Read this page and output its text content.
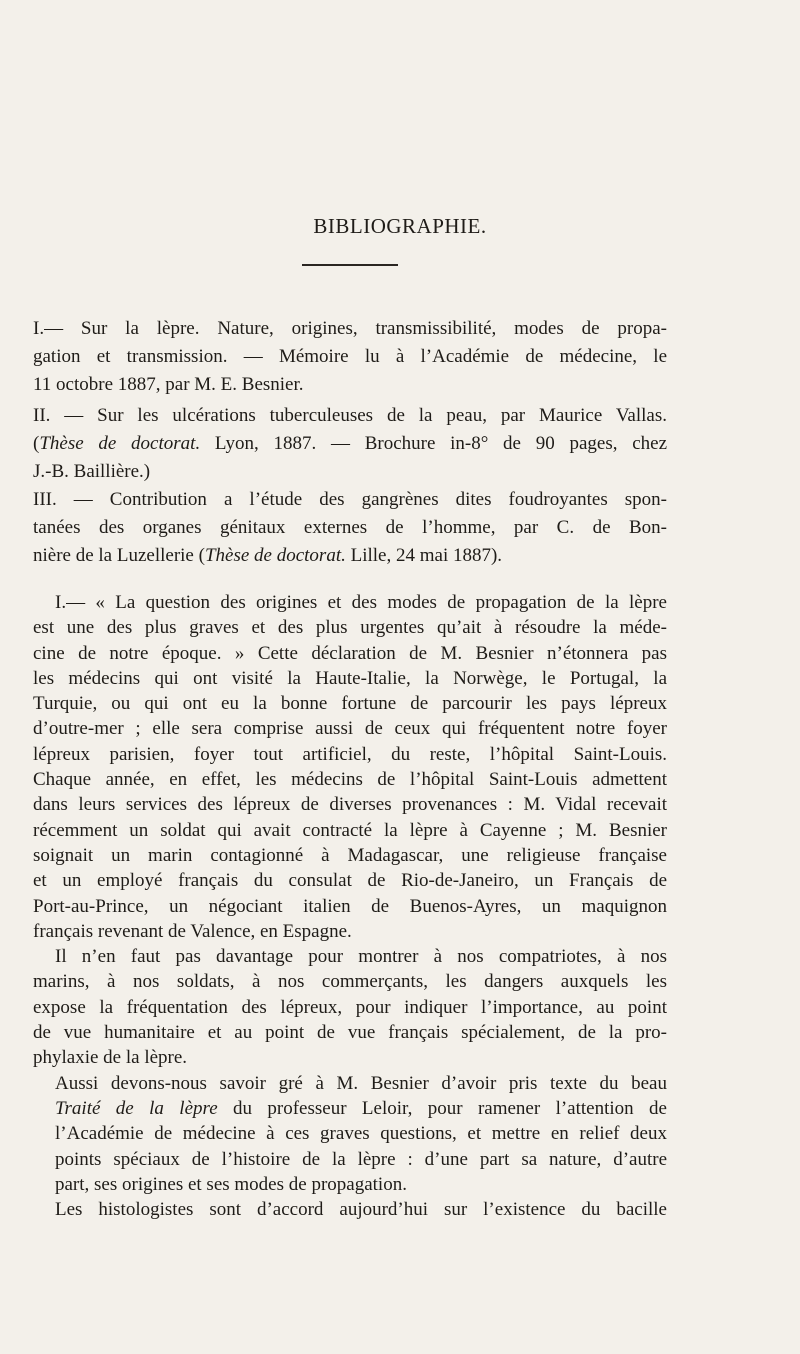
BIBLIOGRAPHIE.
I.— Sur la lèpre. Nature, origines, transmissibilité, modes de propa-
gation et transmission. — Mémoire lu à l’Académie de médecine, le
11 octobre 1887, par M. E. Besnier.
II. — Sur les ulcérations tuberculeuses de la peau, par Maurice Vallas.
(Thèse de doctorat. Lyon, 1887. — Brochure in-8° de 90 pages, chez
J.-B. Baillière.)
III. — Contribution a l’étude des gangrènes dites foudroyantes spon-
tanées des organes génitaux externes de l’homme, par C. de Bon-
nière de la Luzellerie (Thèse de doctorat. Lille, 24 mai 1887).

I.— « La question des origines et des modes de propagation de la lèpre
est une des plus graves et des plus urgentes qu’ait à résoudre la méde-
cine de notre époque. » Cette déclaration de M. Besnier n’étonnera pas
les médecins qui ont visité la Haute-Italie, la Norwège, le Portugal, la
Turquie, ou qui ont eu la bonne fortune de parcourir les pays lépreux
d’outre-mer ; elle sera comprise aussi de ceux qui fréquentent notre foyer
lépreux parisien, foyer tout artificiel, du reste, l’hôpital Saint-Louis.
Chaque année, en effet, les médecins de l’hôpital Saint-Louis admettent
dans leurs services des lépreux de diverses provenances : M. Vidal recevait
récemment un soldat qui avait contracté la lèpre à Cayenne ; M. Besnier
soignait un marin contagionné à Madagascar, une religieuse française
et un employé français du consulat de Rio-de-Janeiro, un Français de
Port-au-Prince, un négociant italien de Buenos-Ayres, un maquignon
français revenant de Valence, en Espagne.

Il n’en faut pas davantage pour montrer à nos compatriotes, à nos
marins, à nos soldats, à nos commerçants, les dangers auxquels les
expose la fréquentation des lépreux, pour indiquer l’importance, au point
de vue humanitaire et au point de vue français spécialement, de la pro-
phylaxie de la lèpre.

Aussi devons-nous savoir gré à M. Besnier d’avoir pris texte du beau
Traité de la lèpre du professeur Leloir, pour ramener l’attention de
l’Académie de médecine à ces graves questions, et mettre en relief deux
points spéciaux de l’histoire de la lèpre : d’une part sa nature, d’autre
part, ses origines et ses modes de propagation.

Les histologistes sont d’accord aujourd’hui sur l’existence du bacille
